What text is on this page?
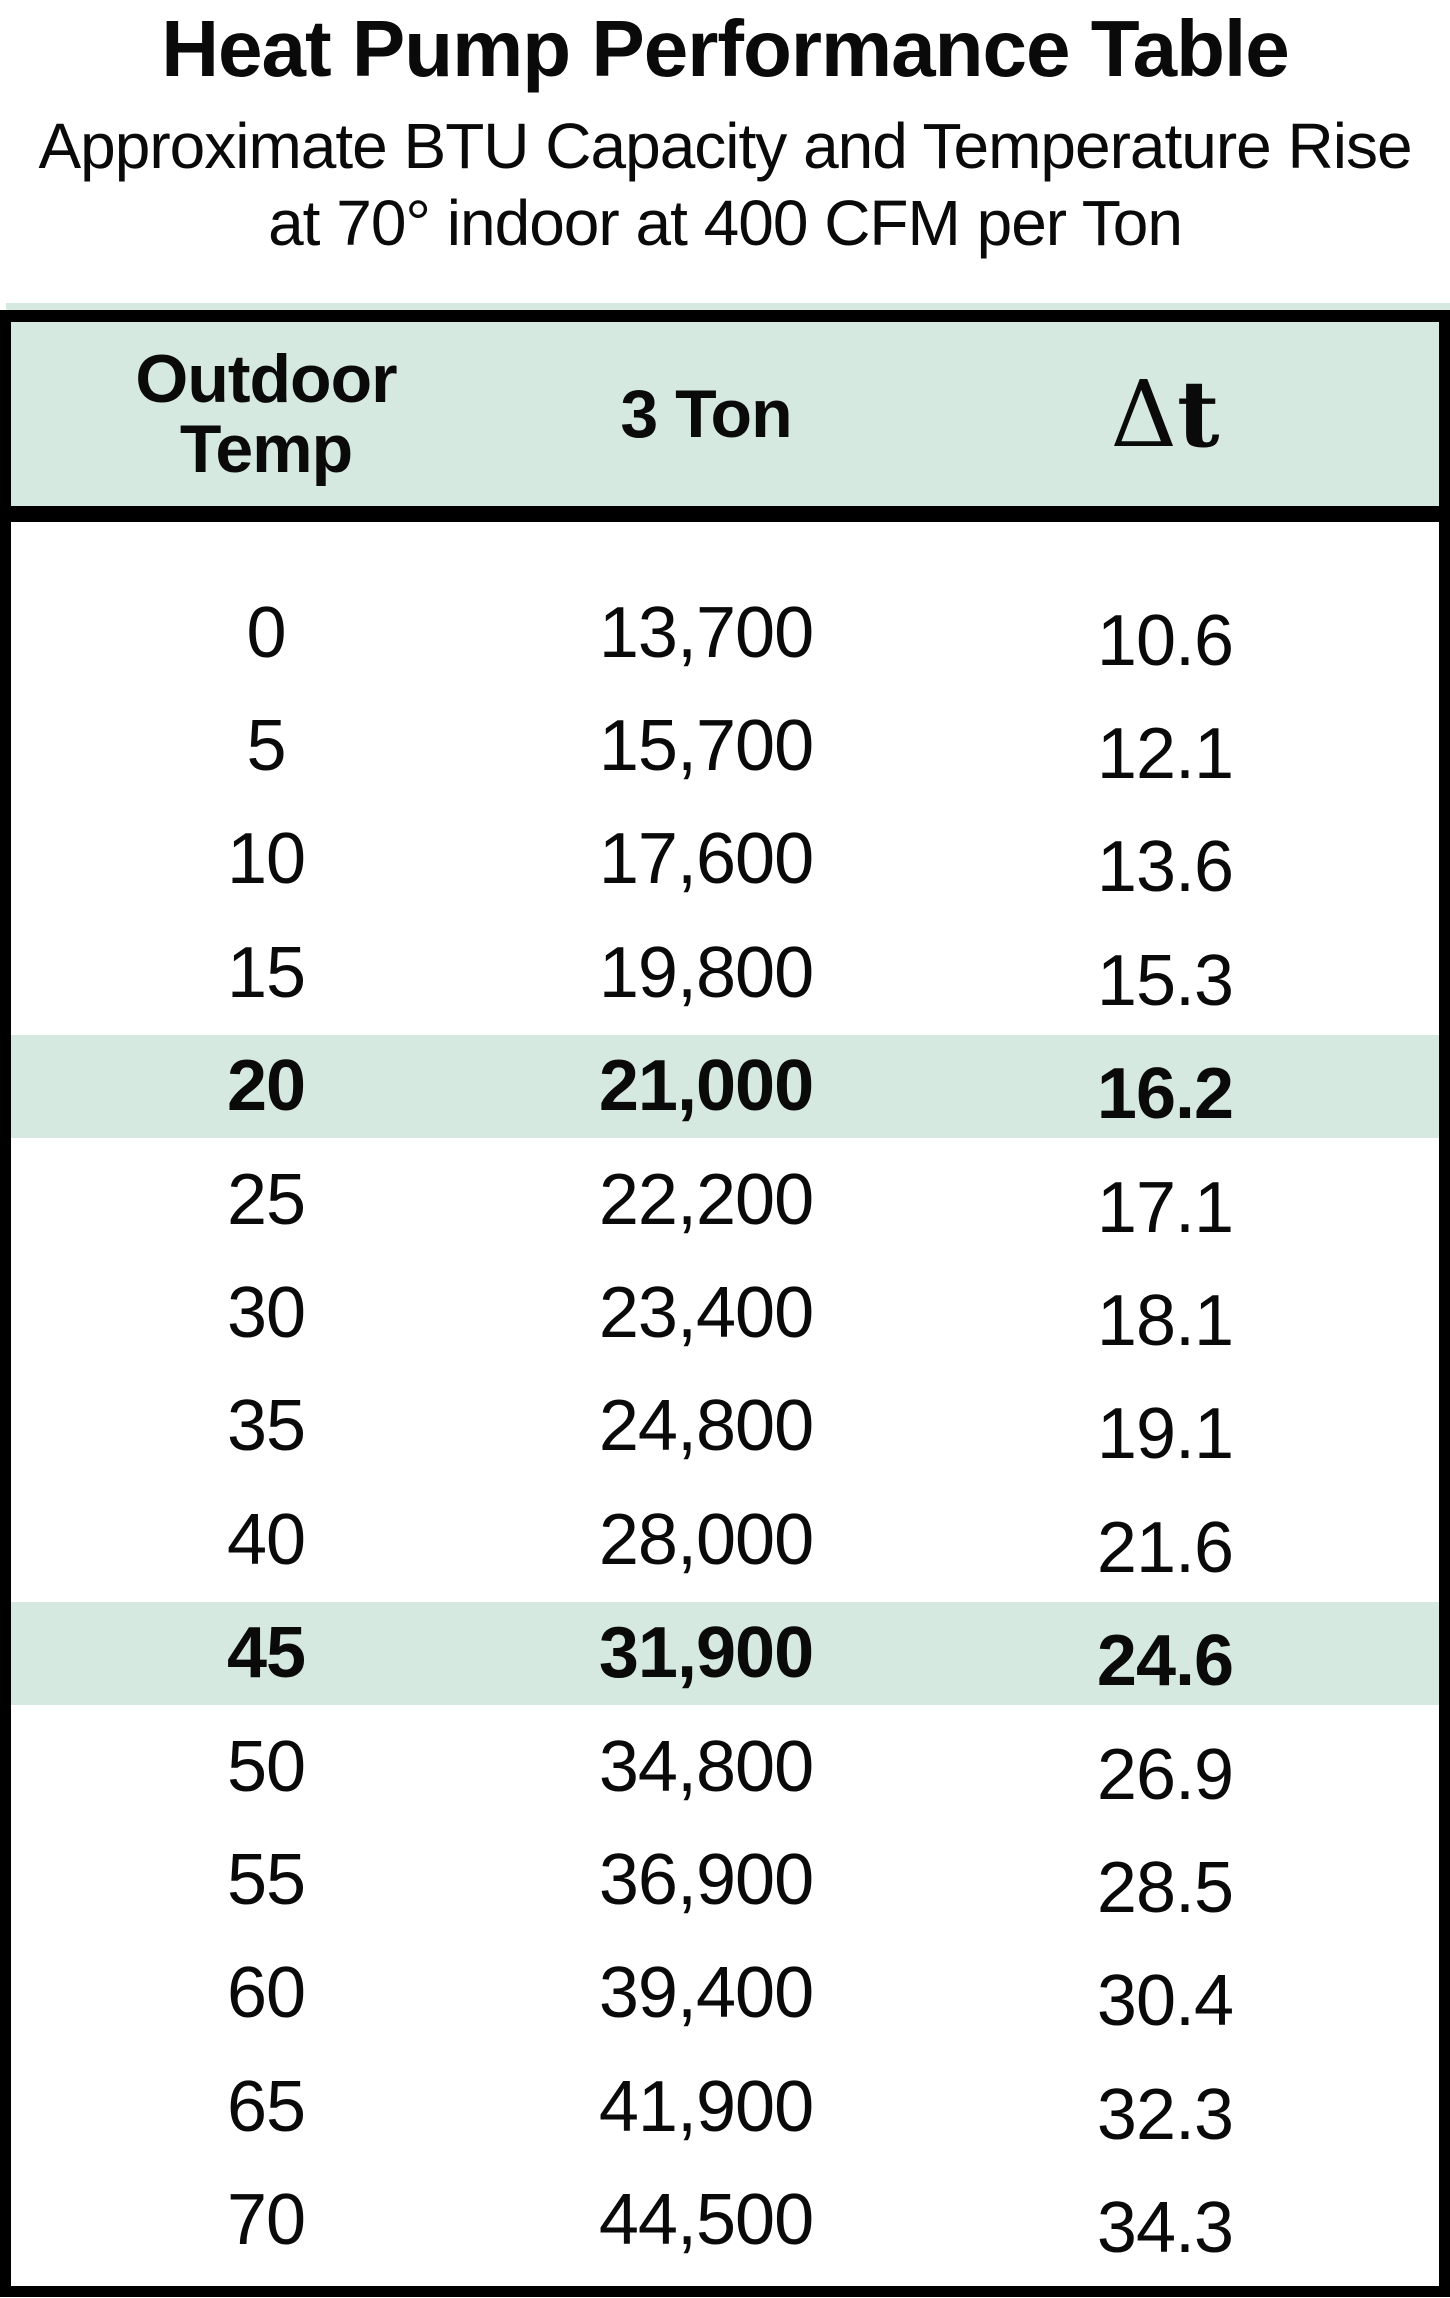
Heat Pump Performance Table
Approximate BTU Capacity and Temperature Rise
at 70° indoor at 400 CFM per Ton
Outdoor
Temp	3 Ton	Δt
0	13,700	10.6
5	15,700	12.1
10	17,600	13.6
15	19,800	15.3
20	21,000	16.2
25	22,200	17.1
30	23,400	18.1
35	24,800	19.1
40	28,000	21.6
45	31,900	24.6
50	34,800	26.9
55	36,900	28.5
60	39,400	30.4
65	41,900	32.3
70	44,500	34.3
